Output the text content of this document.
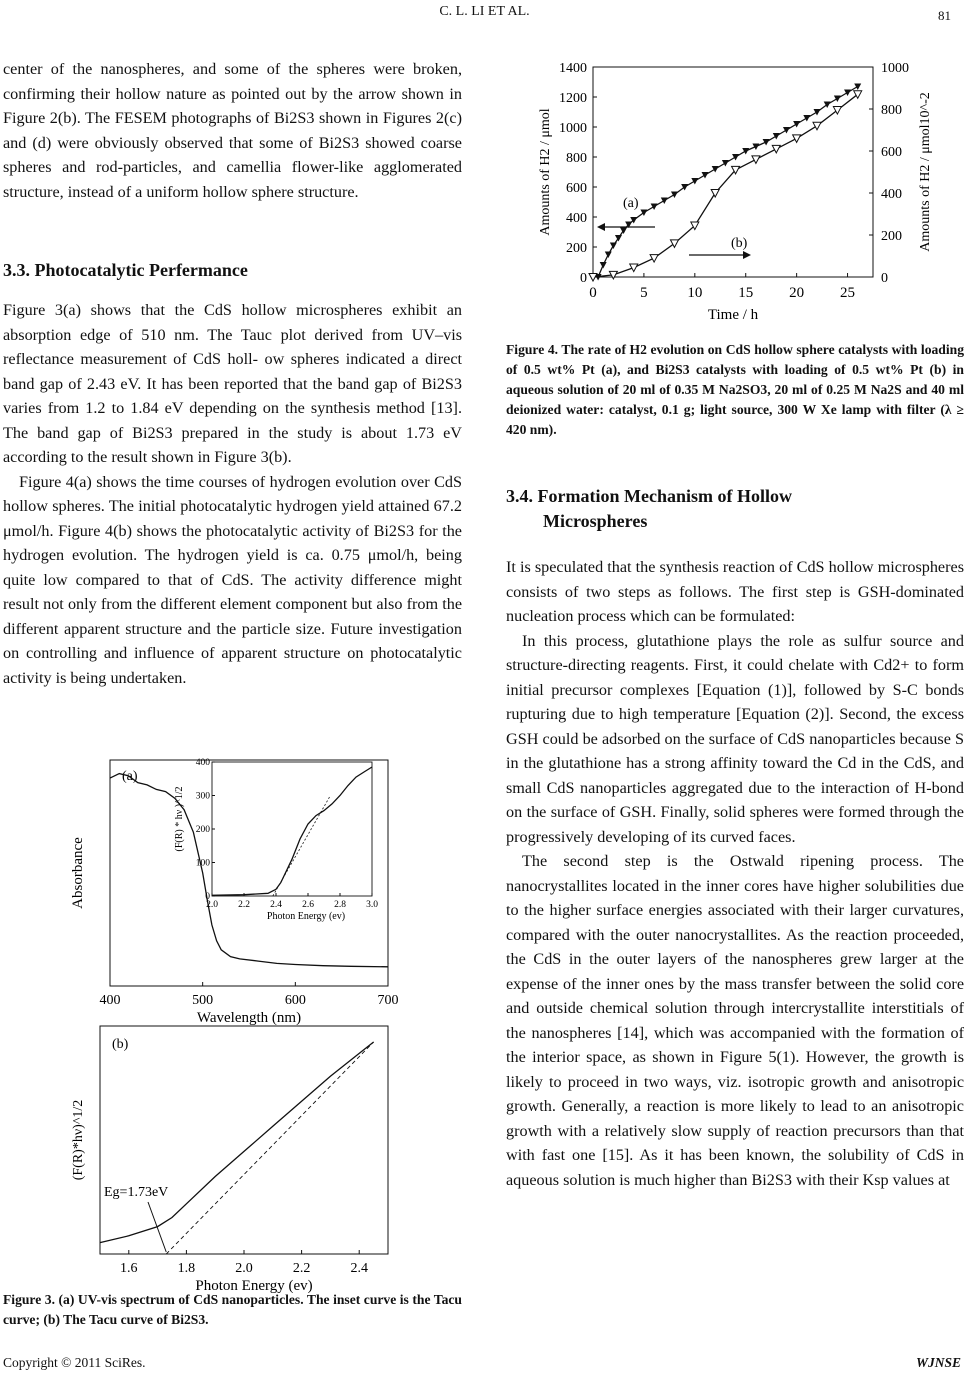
C. L. LI ET AL.	81

center of the nanospheres, and some of the spheres were broken, confirming their hollow nature as pointed out by the arrow shown in Figure 2(b). The FESEM photographs of Bi2S3 shown in Figures 2(c) and (d) were obviously observed that some of Bi2S3 showed coarse spheres and rod-particles, and camellia flower-like agglomerated structure, instead of a uniform hollow sphere structure.

3.3. Photocatalytic Perfermance

Figure 3(a) shows that the CdS hollow microspheres exhibit an absorption edge of 510 nm. The Tauc plot derived from UV–vis reflectance measurement of CdS holl- ow spheres indicated a direct band gap of 2.43 eV. It has been reported that the band gap of Bi2S3 varies from 1.2 to 1.84 eV depending on the synthesis method [13]. The band gap of Bi2S3 prepared in the study is about 1.73 eV according to the result shown in Figure 3(b).

Figure 4(a) shows the time courses of hydrogen evolution over CdS hollow spheres. The initial photocatalytic hydrogen yield attained 67.2 μmol/h. Figure 4(b) shows the photocatalytic activity of Bi2S3 for the hydrogen evolution. The hydrogen yield is ca. 0.75 μmol/h, being quite low compared to that of CdS. The activity difference might result not only from the different element component but also from the different apparent structure and the particle size. Future investigation on controlling and influence of apparent structure on photocatalytic activity is being undertaken.

400	500	600	700
Wavelength (nm)
Absorbance
(a)
2.0 2.2 2.4 2.6 2.8 3.0
0
100
200
300
400
Photon Energy (ev)
(F(R) * hν )^1/2
1.6	1.8	2.0	2.2	2.4
Photon Energy (ev)
(F(R)*hν)^1/2
(b)
Eg=1.73eV
Figure 3. (a) UV-vis spectrum of CdS nanoparticles. The inset curve is the Tacu curve; (b) The Tacu curve of Bi2S3.
0	5	10 15 20 25
0
200
400
600
800
1000
1200
1400
0
200
400
600
800
1000
Time / h
Amounts of H2 / μmol	Amounts of H2 / μmol10^-2
(a)
(b)
Figure 4. The rate of H2 evolution on CdS hollow sphere catalysts with loading of 0.5 wt% Pt (a), and Bi2S3 catalysts with loading of 0.5 wt% Pt (b) in aqueous solution of 20 ml of 0.35 M Na2SO3, 20 ml of 0.25 M Na2S and 40 ml deionized water: catalyst, 0.1 g; light source, 300 W Xe lamp with filter (λ ≥ 420 nm).
3.4. Formation Mechanism of Hollow
Microspheres

It is speculated that the synthesis reaction of CdS hollow microspheres consists of two steps as follows. The first step is GSH-dominated nucleation process which can be formulated:

In this process, glutathione plays the role as sulfur source and structure-directing reagents. First, it could chelate with Cd2+ to form initial precursor complexes [Equation (1)], followed by S-C bonds rupturing due to high temperature [Equation (2)]. Second, the excess GSH could be adsorbed on the surface of CdS nanoparticles because S in the glutathione has a strong affinity toward the Cd in the CdS, and small CdS nanoparticles aggregated due to the interaction of H-bond on the surface of GSH. Finally, solid spheres were formed through the progressively developing of its curved faces.

The second step is the Ostwald ripening process. The nanocrystallites located in the inner cores have higher solubilities due to the higher surface energies associated with their larger curvatures, compared with the outer nanocrystallites. As the reaction proceeded, the CdS in the outer layers of the nanospheres grew larger at the expense of the inner ones by the mass transfer between the solid core and outside chemical solution through intercrystallite interstitials of the nanospheres [14], which was accompanied with the formation of the interior space, as shown in Figure 5(1). However, the growth is likely to proceed in two ways, viz. isotropic growth and anisotropic growth. Generally, a reaction is more likely to lead to an anisotropic growth with a relatively slow supply of reaction precursors than that with fast one [15]. As it has been known, the solubility of CdS in aqueous solution is much higher than Bi2S3 with their Ksp values at

Copyright © 2011 SciRes.	WJNSE
